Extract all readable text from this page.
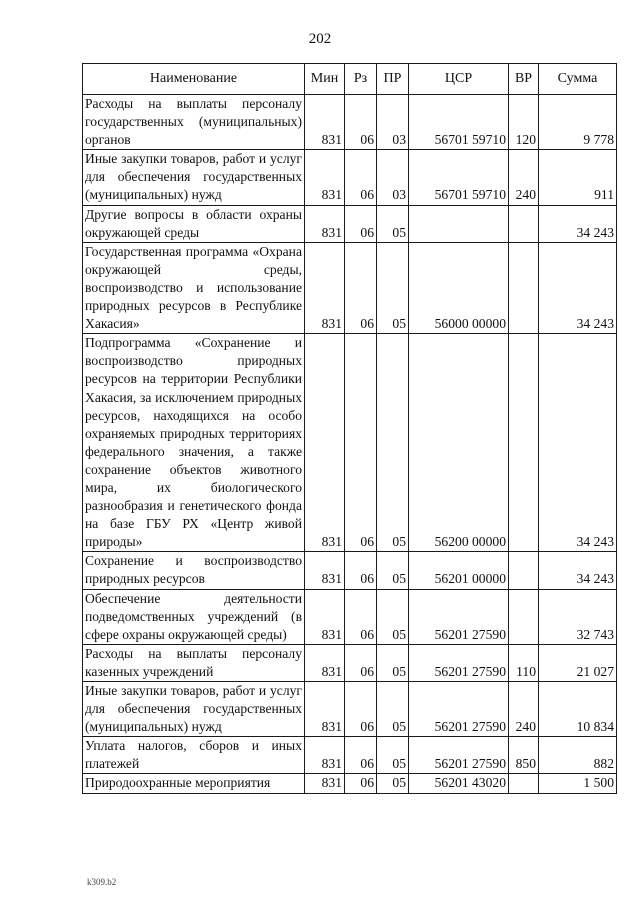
202
Наименование	Мин	Рз	ПР	ЦСР	ВР	Сумма
Расходы на выплаты персоналу государственных (муниципальных) органов	831	06	03	56701 59710	120	9 778
Иные закупки товаров, работ и услуг для обеспечения государственных (муниципальных) нужд	831	06	03	56701 59710	240	911
Другие вопросы в области охраны окружающей среды	831	06	05			34 243
Государственная программа «Охрана окружающей среды, воспроизводство и использование природных ресурсов в Республике Хакасия»	831	06	05	56000 00000		34 243
Подпрограмма «Сохранение и воспроизводство природных ресурсов на территории Республики Хакасия, за исключением природных ресурсов, находящихся на особо охраняемых природных территориях федерального значения, а также сохранение объектов животного мира, их биологического разнообразия и генетического фонда на базе ГБУ РХ «Центр живой природы»	831	06	05	56200 00000		34 243
Сохранение и воспроизводство природных ресурсов	831	06	05	56201 00000		34 243
Обеспечение деятельности подведомственных учреждений (в сфере охраны окружающей среды)	831	06	05	56201 27590		32 743
Расходы на выплаты персоналу казенных учреждений	831	06	05	56201 27590	110	21 027
Иные закупки товаров, работ и услуг для обеспечения государственных (муниципальных) нужд	831	06	05	56201 27590	240	10 834
Уплата налогов, сборов и иных платежей	831	06	05	56201 27590	850	882
Природоохранные мероприятия	831	06	05	56201 43020		1 500
k309.b2
